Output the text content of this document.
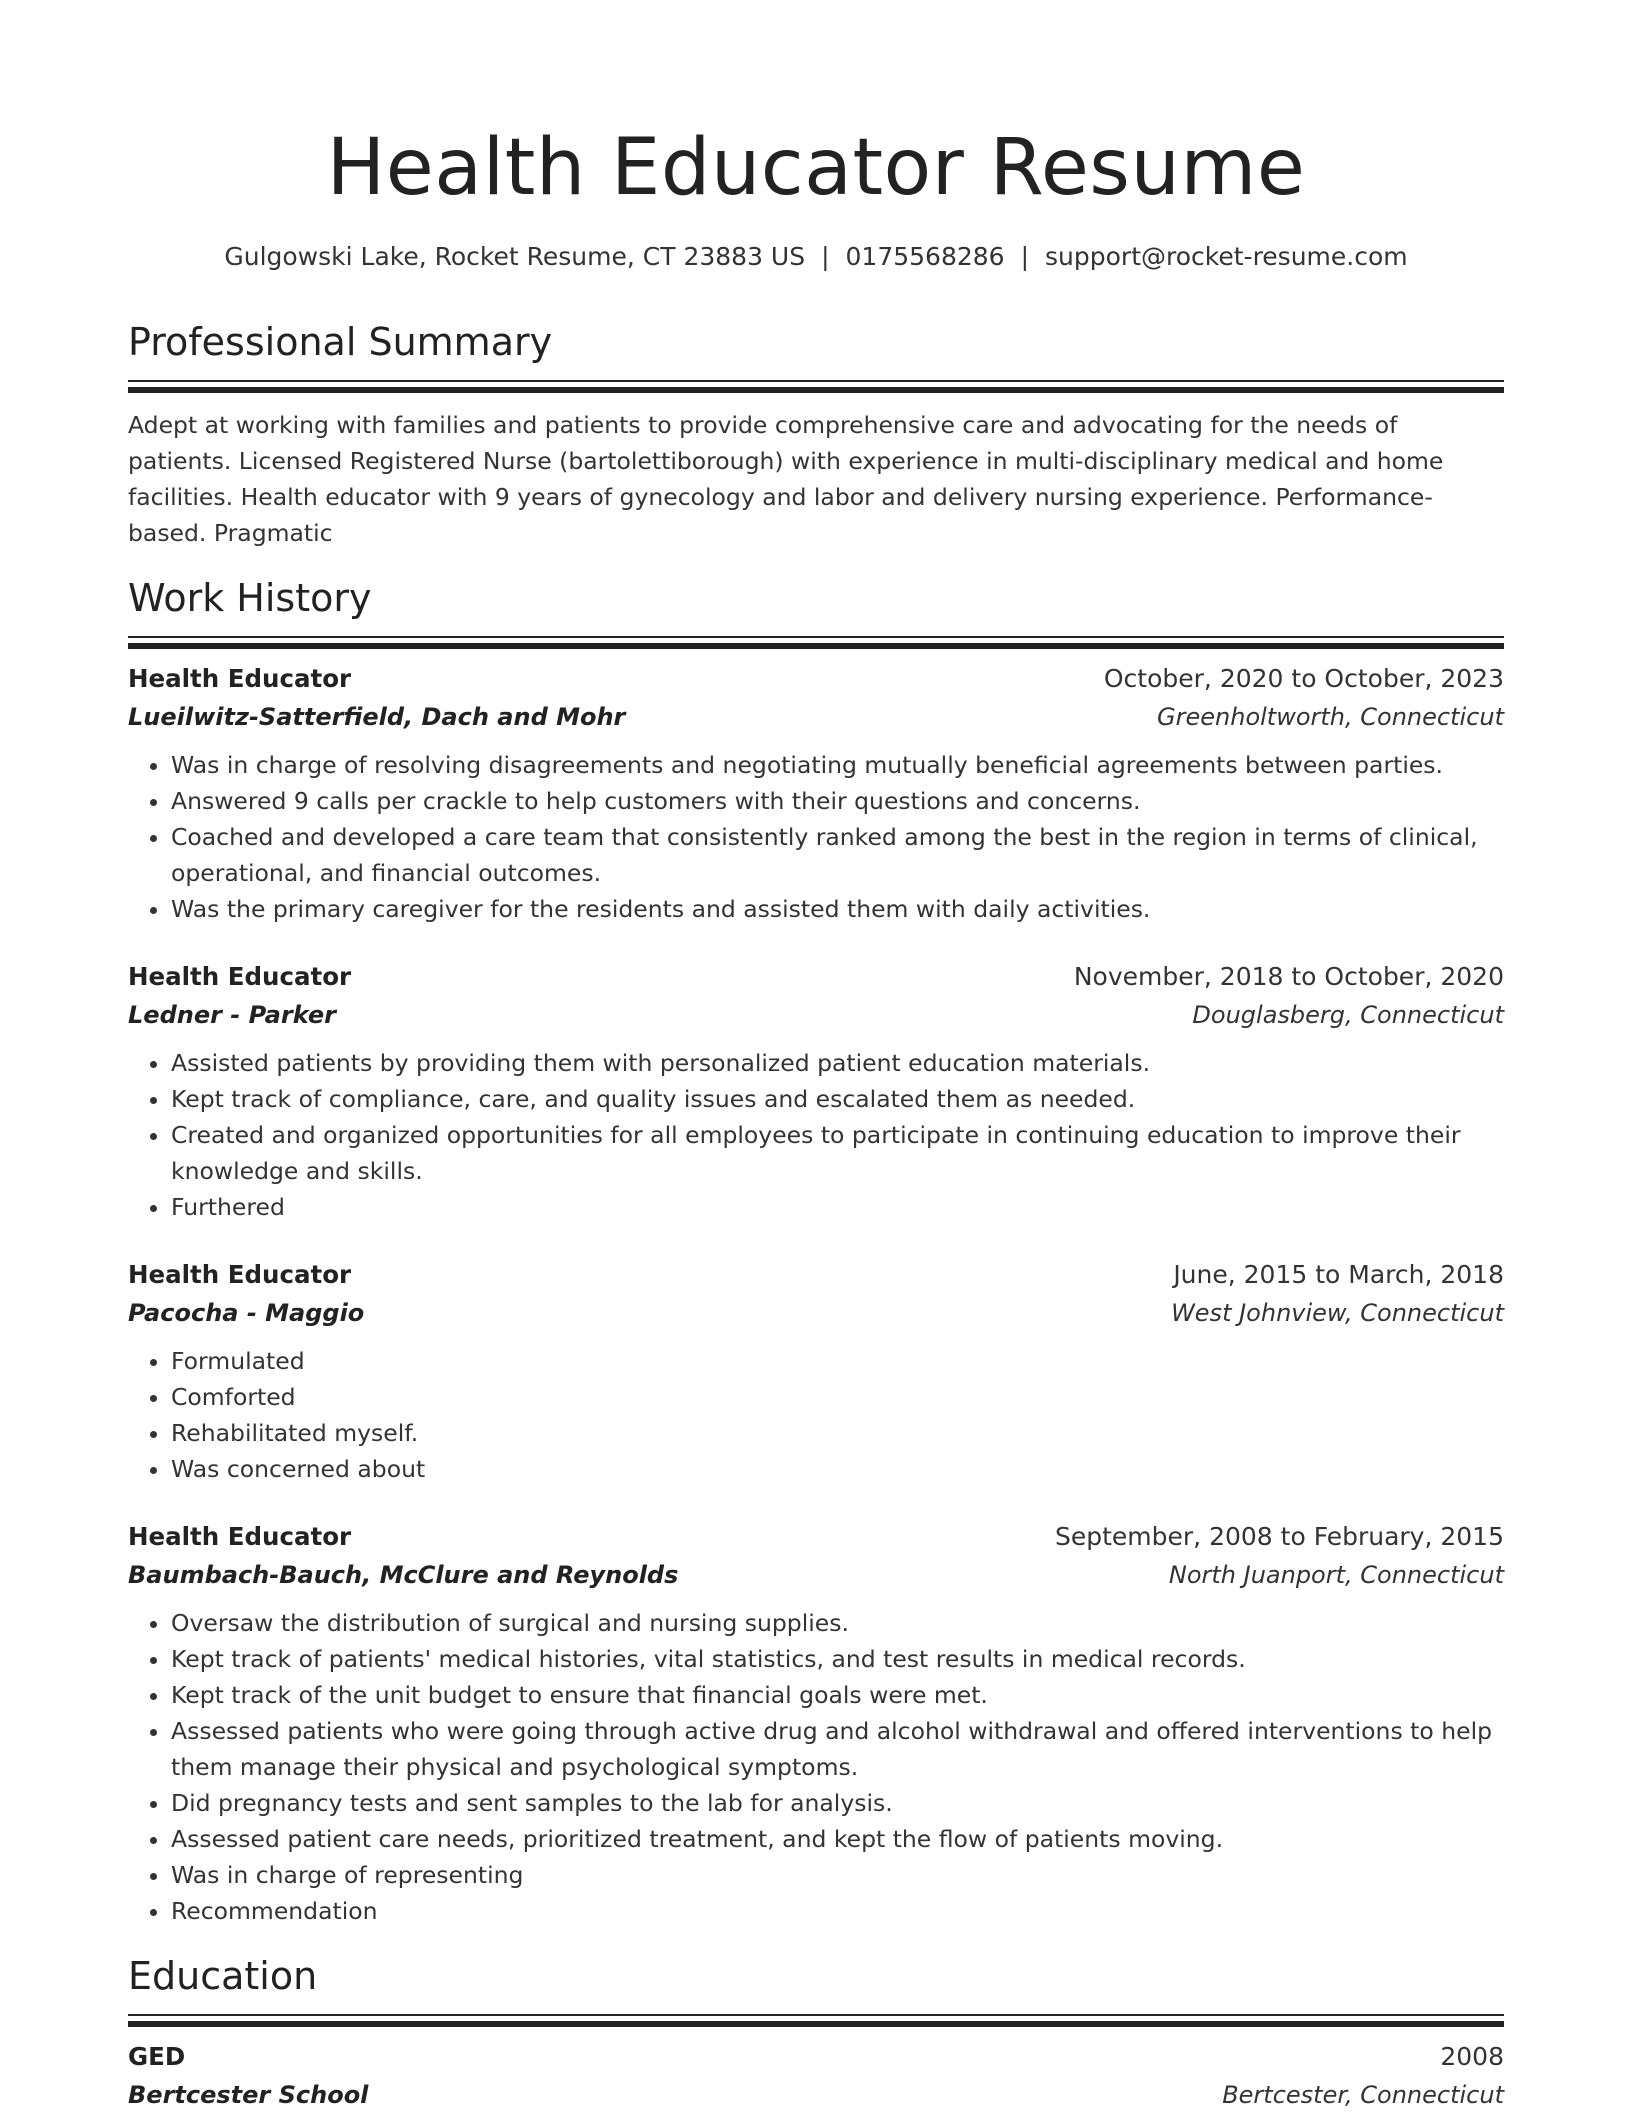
Health Educator Resume
Gulgowski Lake, Rocket Resume, CT 23883 US | 0175568286 | support@rocket-resume.com
Professional Summary
Adept at working with families and patients to provide comprehensive care and advocating for the needs of patients. Licensed Registered Nurse (bartolettiborough) with experience in multi-disciplinary medical and home facilities. Health educator with 9 years of gynecology and labor and delivery nursing experience. Performance-based. Pragmatic
Work History
Health Educator	October, 2020 to October, 2023
Lueilwitz-Satterfield, Dach and Mohr	Greenholtworth, Connecticut
• Was in charge of resolving disagreements and negotiating mutually beneficial agreements between parties.
• Answered 9 calls per crackle to help customers with their questions and concerns.
• Coached and developed a care team that consistently ranked among the best in the region in terms of clinical, operational, and financial outcomes.
• Was the primary caregiver for the residents and assisted them with daily activities.
Health Educator	November, 2018 to October, 2020
Ledner - Parker	Douglasberg, Connecticut
• Assisted patients by providing them with personalized patient education materials.
• Kept track of compliance, care, and quality issues and escalated them as needed.
• Created and organized opportunities for all employees to participate in continuing education to improve their knowledge and skills.
• Furthered
Health Educator	June, 2015 to March, 2018
Pacocha - Maggio	West Johnview, Connecticut
• Formulated
• Comforted
• Rehabilitated myself.
• Was concerned about
Health Educator	September, 2008 to February, 2015
Baumbach-Bauch, McClure and Reynolds	North Juanport, Connecticut
• Oversaw the distribution of surgical and nursing supplies.
• Kept track of patients' medical histories, vital statistics, and test results in medical records.
• Kept track of the unit budget to ensure that financial goals were met.
• Assessed patients who were going through active drug and alcohol withdrawal and offered interventions to help them manage their physical and psychological symptoms.
• Did pregnancy tests and sent samples to the lab for analysis.
• Assessed patient care needs, prioritized treatment, and kept the flow of patients moving.
• Was in charge of representing
• Recommendation
Education
GED	2008
Bertcester School	Bertcester, Connecticut
